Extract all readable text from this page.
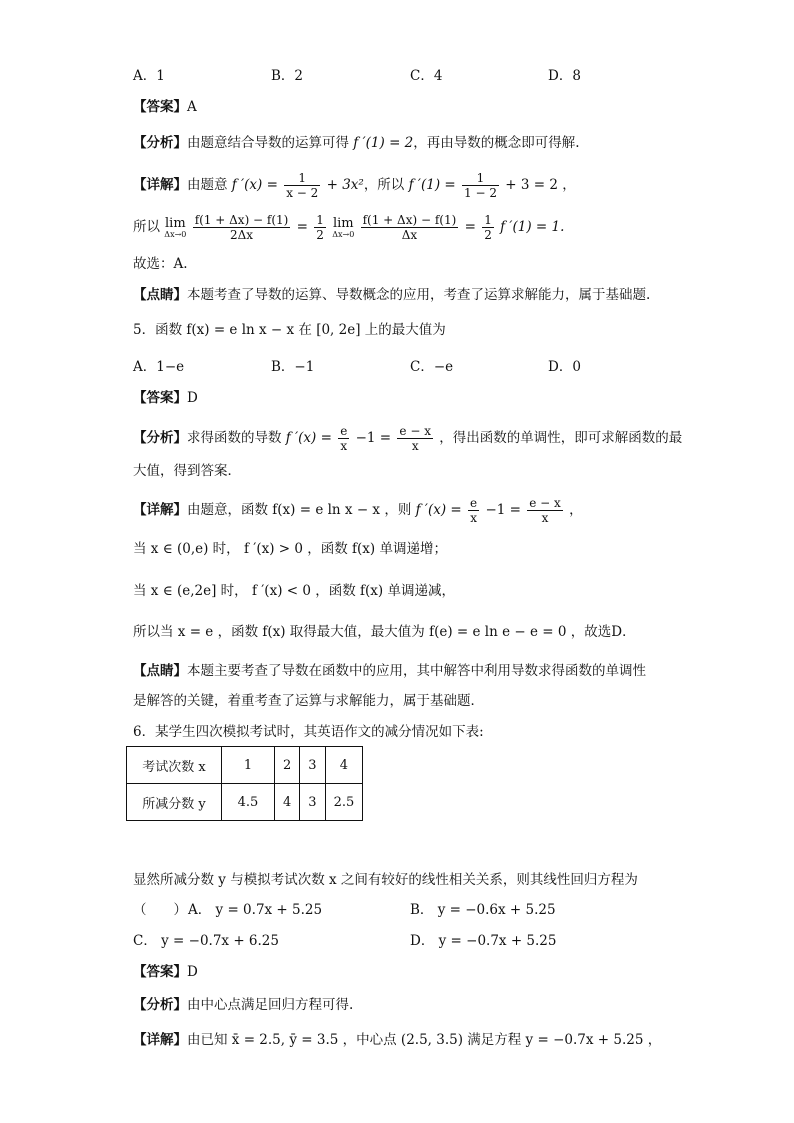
A．1	B．2	C．4	D．8
【答案】A
【分析】由题意结合导数的运算可得 f ′(1) = 2，再由导数的概念即可得解.
【详解】由题意 f $'(x) = \frac{1}{x - 2} + 3x^2$，所以 f $'(1) = \frac{1}{1 - 2} + 3 = 2$ ，
所以 lim
Δx→0
$\frac{f(1 + \Delta x) - f(1)}{2\Delta x} = \frac{1}{2}$ lim
Δx→0
$\frac{f(1 + \Delta x) - f(1)}{\Delta x} = \frac{1}{2}$ f ′(1) = 1.
故选：A.
【点睛】本题考查了导数的运算、导数概念的应用，考查了运算求解能力，属于基础题.
5．函数 f(x) = e ln x − x 在 [0, 2e] 上的最大值为
A．1−e	B．−1	C．−e	D．0
【答案】D
【分析】求得函数的导数 f $'(x) = \frac{e}{x} -1 = \frac{e - x}{x}$ ，得出函数的单调性，即可求解函数的最
大值，得到答案．
【详解】由题意，函数 f(x) = e ln x − x ，则 f $'(x) = \frac{e}{x} -1 = \frac{e - x}{x}$ ，
当 x ∈ (0,e) 时， f ′(x) > 0 ，函数 f(x) 单调递增；
当 x ∈ (e,2e] 时， f ′(x) < 0 ，函数 f(x) 单调递减，
所以当 x = e ，函数 f(x) 取得最大值，最大值为 f(e) = e ln e − e = 0 ，故选D．
【点睛】本题主要考查了导数在函数中的应用，其中解答中利用导数求得函数的单调性
是解答的关键，着重考查了运算与求解能力，属于基础题．
6．某学生四次模拟考试时，其英语作文的减分情况如下表:
考试次数 x	1	2	3	4
所减分数 y	4.5	4	3	2.5
显然所减分数 y 与模拟考试次数 x 之间有较好的线性相关关系，则其线性回归方程为
（　　） A． y = 0.7x + 5.25	B． y = −0.6x + 5.25
C． y = −0.7x + 6.25	D． y = −0.7x + 5.25
【答案】D
【分析】由中心点满足回归方程可得.
【详解】由已知 x̄ = 2.5, ȳ = 3.5 ，中心点 (2.5, 3.5) 满足方程 y = −0.7x + 5.25 ，
